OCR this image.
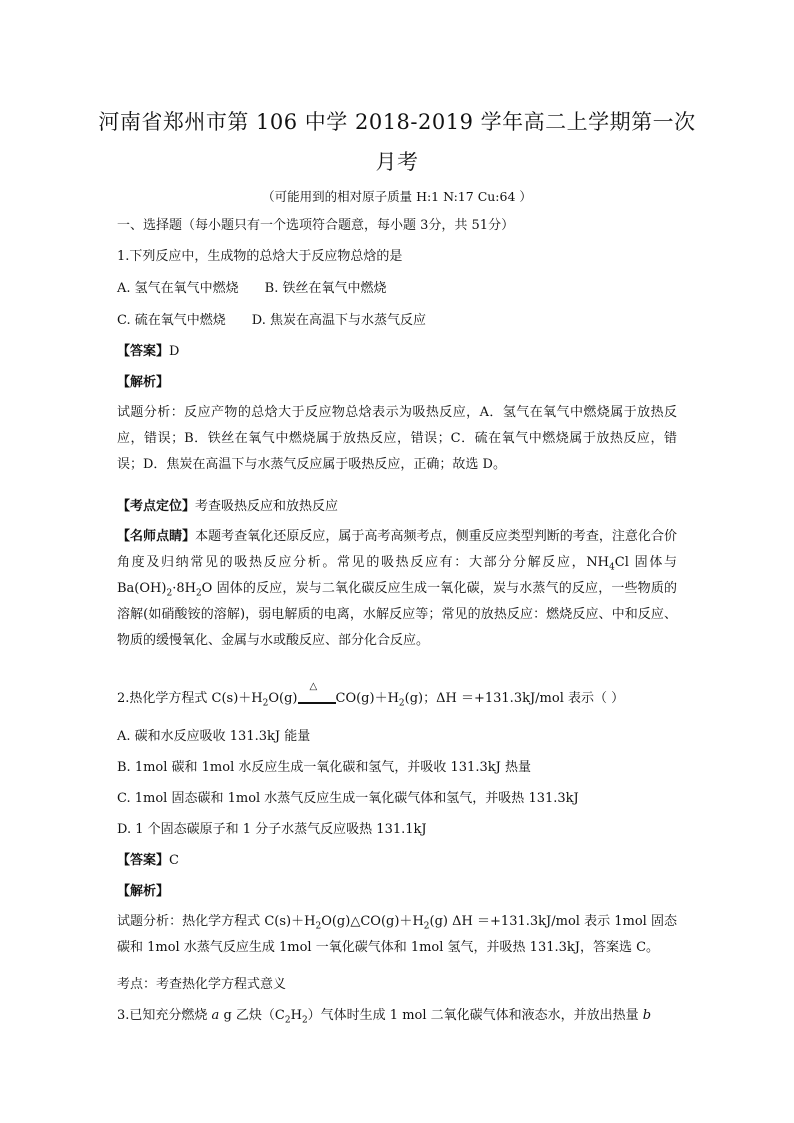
河南省郑州市第 106 中学 2018-2019 学年高二上学期第一次
月考
（可能用到的相对原子质量 H:1 N:17 Cu:64 ）
一、选择题（每小题只有一个选项符合题意，每小题 3分，共 51分）
1.下列反应中，生成物的总焓大于反应物总焓的是
A. 氢气在氧气中燃烧 B. 铁丝在氧气中燃烧
C. 硫在氧气中燃烧 D. 焦炭在高温下与水蒸气反应
【答案】D
【解析】
试题分析：反应产物的总焓大于反应物总焓表示为吸热反应，A．氢气在氧气中燃烧属于放热反应，错误；B．铁丝在氧气中燃烧属于放热反应，错误；C．硫在氧气中燃烧属于放热反应，错误；D．焦炭在高温下与水蒸气反应属于吸热反应，正确；故选 D。
【考点定位】考查吸热反应和放热反应
【名师点睛】本题考查氧化还原反应，属于高考高频考点，侧重反应类型判断的考查，注意化合价角度及归纳常见的吸热反应分析。常见的吸热反应有：大部分分解反应，$NH_4Cl$ 固体与 $Ba(OH)_2\cdot 8H_2O$ 固体的反应，炭与二氧化碳反应生成一氧化碳，炭与水蒸气的反应，一些物质的溶解(如硝酸铵的溶解)，弱电解质的电离，水解反应等；常见的放热反应：燃烧反应、中和反应、物质的缓慢氧化、金属与水或酸反应、部分化合反应。
2.热化学方程式 $C(s)+H_2O(g)$
△
$CO(g)+H_2(g)$；ΔH ＝+131.3kJ/mol 表示（ ）
A. 碳和水反应吸收 131.3kJ 能量
B. 1mol 碳和 1mol 水反应生成一氧化碳和氢气，并吸收 131.3kJ 热量
C. 1mol 固态碳和 1mol 水蒸气反应生成一氧化碳气体和氢气，并吸热 131.3kJ
D. 1 个固态碳原子和 1 分子水蒸气反应吸热 131.1kJ
【答案】C
【解析】
试题分析：热化学方程式 $C(s)+H_2O(g)\triangle CO(g)+H_2(g)$ ΔH ＝+131.3kJ/mol 表示 1mol 固态碳和 1mol 水蒸气反应生成 1mol 一氧化碳气体和 1mol 氢气，并吸热 131.3kJ，答案选 C。
考点：考查热化学方程式意义
3.已知充分燃烧 a g 乙炔$(C_2H_2)$气体时生成 1 mol 二氧化碳气体和液态水，并放出热量 b
